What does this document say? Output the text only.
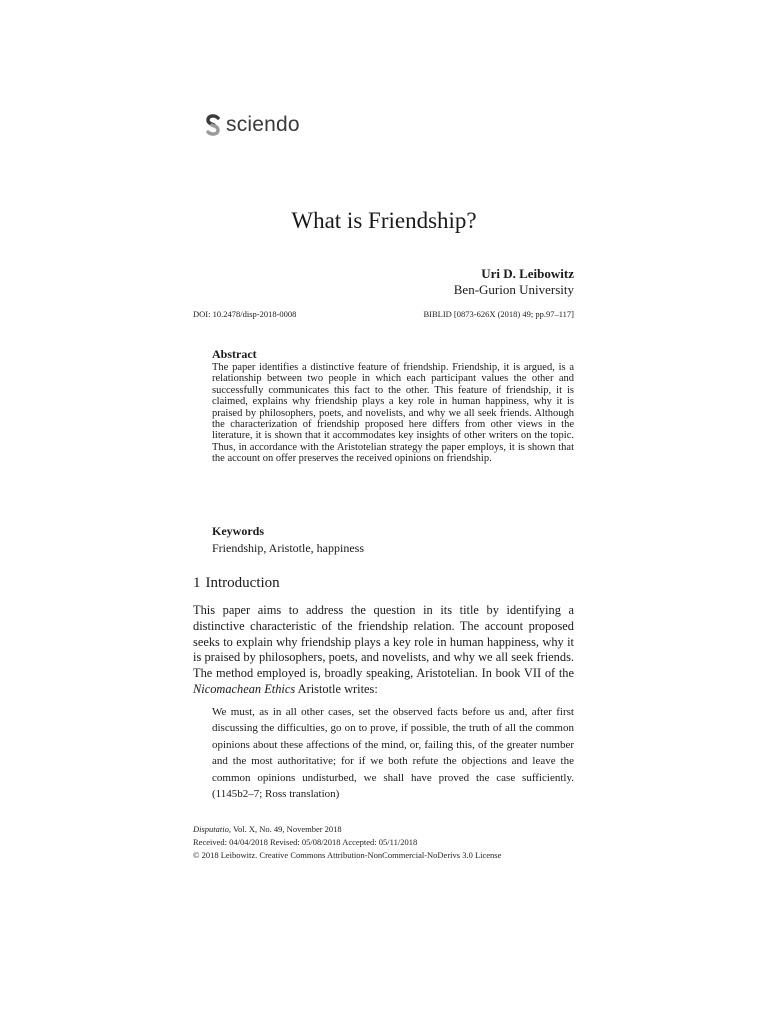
sciendo
What is Friendship?
Uri D. Leibowitz
Ben-Gurion University
DOI: 10.2478/disp-2018-0008	BIBLID [0873-626X (2018) 49; pp.97–117]
Abstract
The paper identifies a distinctive feature of friendship. Friendship, it is argued, is a relationship between two people in which each participant values the other and successfully communicates this fact to the other. This feature of friendship, it is claimed, explains why friendship plays a key role in human happiness, why it is praised by philosophers, poets, and novelists, and why we all seek friends. Although the characterization of friendship proposed here differs from other views in the literature, it is shown that it accommodates key insights of other writers on the topic. Thus, in accordance with the Aristotelian strategy the paper employs, it is shown that the account on offer preserves the received opinions on friendship.
Keywords
Friendship, Aristotle, happiness
1 Introduction
This paper aims to address the question in its title by identifying a distinctive characteristic of the friendship relation. The account proposed seeks to explain why friendship plays a key role in human happiness, why it is praised by philosophers, poets, and novelists, and why we all seek friends. The method employed is, broadly speaking, Aristotelian. In book VII of the Nicomachean Ethics Aristotle writes:
We must, as in all other cases, set the observed facts before us and, after first discussing the difficulties, go on to prove, if possible, the truth of all the common opinions about these affections of the mind, or, failing this, of the greater number and the most authoritative; for if we both refute the objections and leave the common opinions undisturbed, we shall have proved the case sufficiently. (1145b2–7; Ross translation)
Disputatio, Vol. X, No. 49, November 2018
Received: 04/04/2018 Revised: 05/08/2018 Accepted: 05/11/2018
© 2018 Leibowitz. Creative Commons Attribution-NonCommercial-NoDerivs 3.0 License
